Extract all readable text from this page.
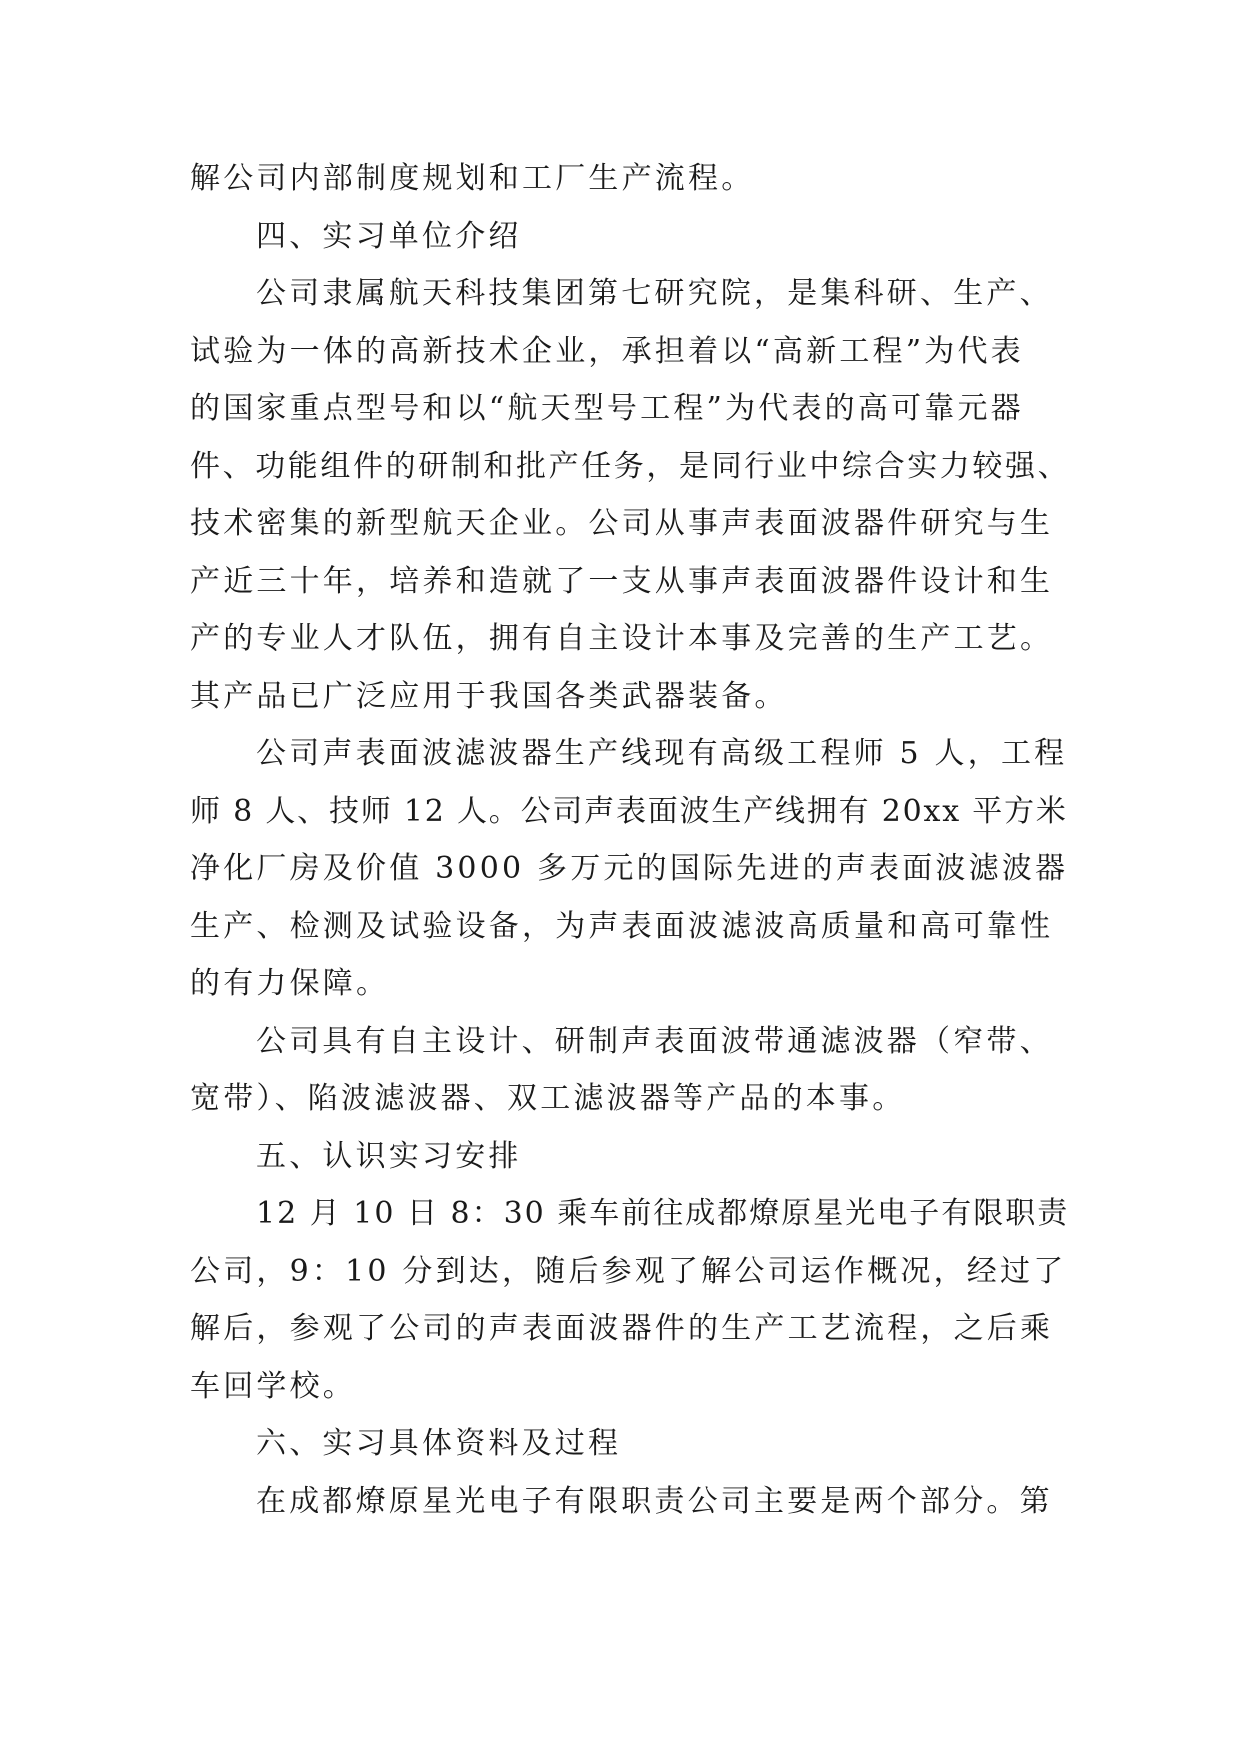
解公司内部制度规划和工厂生产流程。

四、实习单位介绍

公司隶属航天科技集团第七研究院，是集科研、生产、

试验为一体的高新技术企业，承担着以“高新工程”为代表

的国家重点型号和以“航天型号工程”为代表的高可靠元器

件、功能组件的研制和批产任务，是同行业中综合实力较强、

技术密集的新型航天企业。公司从事声表面波器件研究与生

产近三十年，培养和造就了一支从事声表面波器件设计和生

产的专业人才队伍，拥有自主设计本事及完善的生产工艺。

其产品已广泛应用于我国各类武器装备。

公司声表面波滤波器生产线现有高级工程师 5 人，工程

师 8 人、技师 12 人。公司声表面波生产线拥有 20xx 平方米

净化厂房及价值 3000 多万元的国际先进的声表面波滤波器

生产、检测及试验设备，为声表面波滤波高质量和高可靠性

的有力保障。

公司具有自主设计、研制声表面波带通滤波器（窄带、

宽带）、陷波滤波器、双工滤波器等产品的本事。

五、认识实习安排

12 月 10 日 8：30 乘车前往成都燎原星光电子有限职责

公司，9：10 分到达，随后参观了解公司运作概况，经过了

解后，参观了公司的声表面波器件的生产工艺流程，之后乘

车回学校。

六、实习具体资料及过程

在成都燎原星光电子有限职责公司主要是两个部分。第
